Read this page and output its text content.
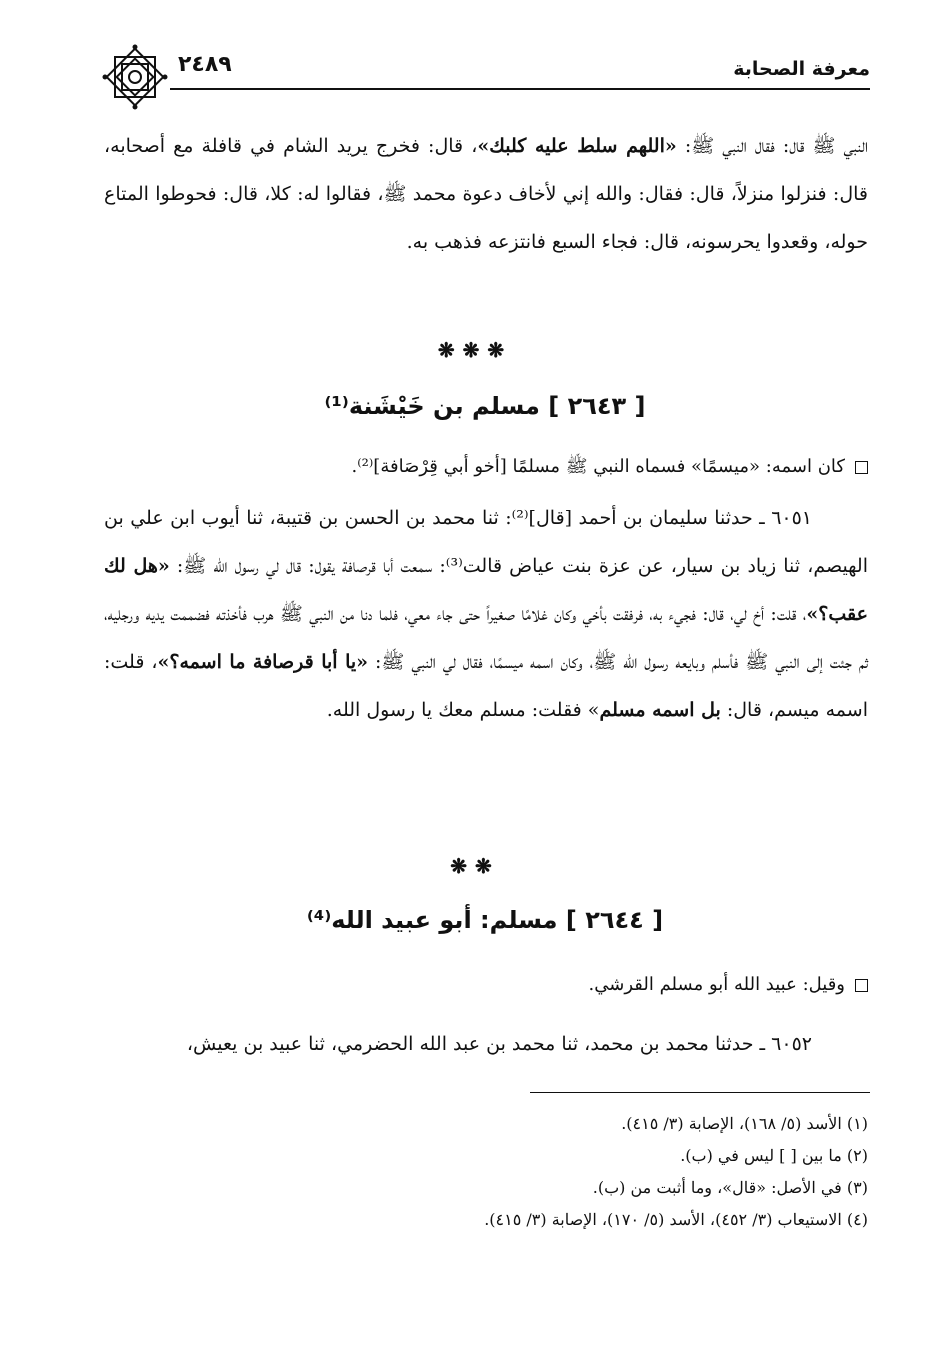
معرفة الصحابة
٢٤٨٩
النبي ﷺ قال: فقال النبي ﷺ: «اللهم سلط عليه كلبك»، قال: فخرج يريد الشام في قافلة مع أصحابه، قال: فنزلوا منزلاً، قال: فقال: والله إني لأخاف دعوة محمد ﷺ، فقالوا له: كلا، قال: فحوطوا المتاع حوله، وقعدوا يحرسونه، قال: فجاء السبع فانتزعه فذهب به.
❋❋❋
[ ٢٦٤٣ ] مسلم بن خَيْشَنة⁽¹⁾
كان اسمه: «ميسمًا» فسماه النبي ﷺ مسلمًا [أخو أبي قِرْصَافة]⁽²⁾.
٦٠٥١ ـ حدثنا سليمان بن أحمد [قال]⁽²⁾: ثنا محمد بن الحسن بن قتيبة، ثنا أيوب ابن علي بن الهيصم، ثنا زياد بن سيار، عن عزة بنت عياض قالت⁽³⁾: سمعت أبا قرصافة يقول: قال لي رسول الله ﷺ: «هل لك عقب؟»، قلت: أخ لي، قال: فجيء به، فرفقت بأخي وكان غلامًا صغيراً حتى جاء معي، فلما دنا من النبي ﷺ هرب فأخذته فضممت يديه ورجليه، ثم جئت إلى النبي ﷺ فأسلم وبايعه رسول الله ﷺ، وكان اسمه ميسمًا، فقال لي النبي ﷺ: «يا أبا قرصافة ما اسمه؟»، قلت: اسمه ميسم، قال: بل اسمه مسلم» فقلت: مسلم معك يا رسول الله.
❋❋
[ ٢٦٤٤ ] مسلم: أبو عبيد الله⁽⁴⁾
وقيل: عبيد الله أبو مسلم القرشي.
٦٠٥٢ ـ حدثنا محمد بن محمد، ثنا محمد بن عبد الله الحضرمي، ثنا عبيد بن يعيش،
(١) الأسد (٥/ ١٦٨)، الإصابة (٣/ ٤١٥).
(٢) ما بين [ ] ليس في (ب).
(٣) في الأصل: «قال»، وما أثبت من (ب).
(٤) الاستيعاب (٣/ ٤٥٢)، الأسد (٥/ ١٧٠)، الإصابة (٣/ ٤١٥).
